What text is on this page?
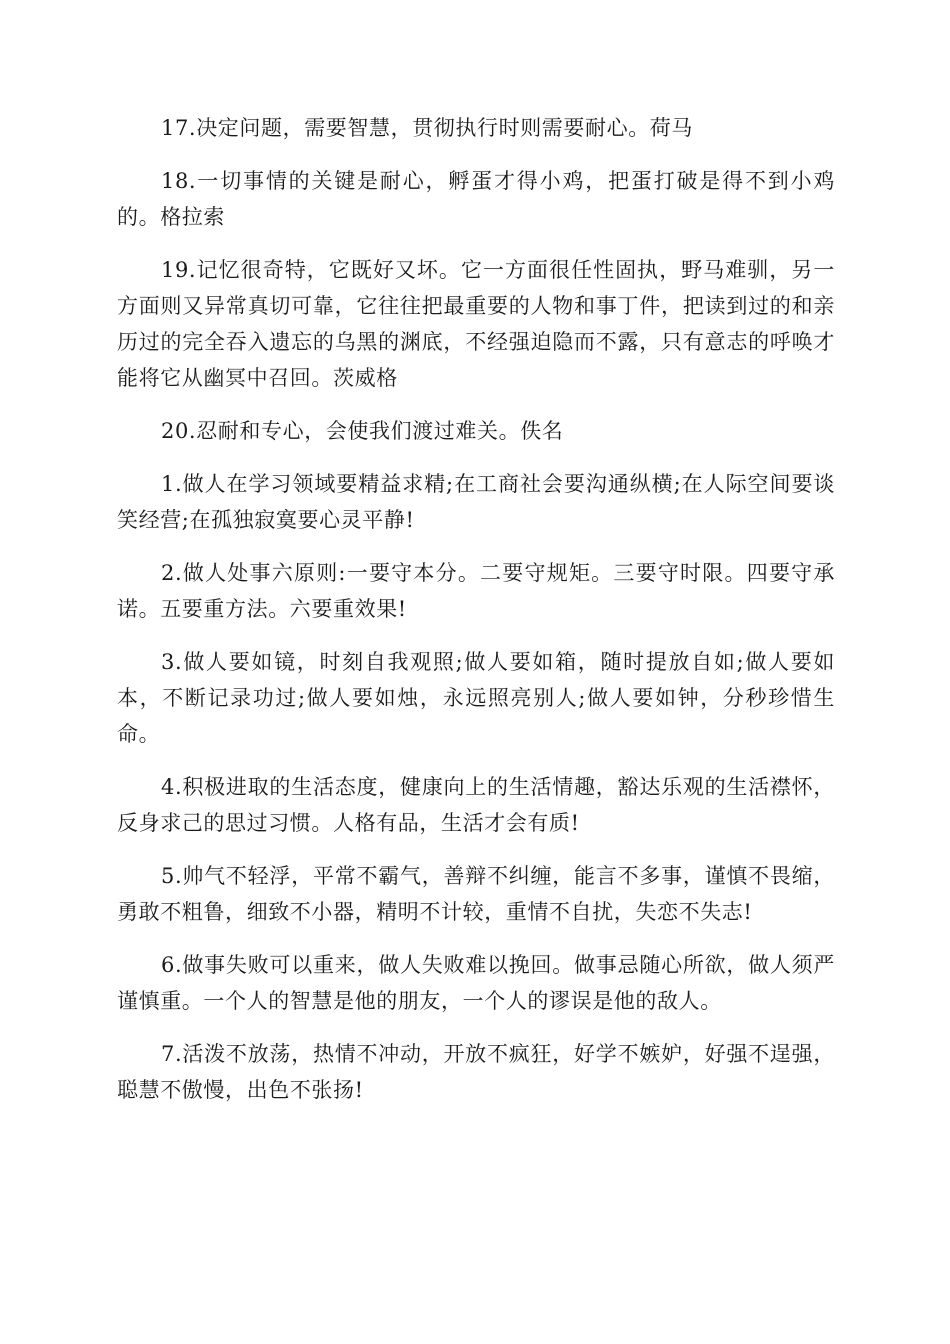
17.决定问题，需要智慧，贯彻执行时则需要耐心。荷马

18.一切事情的关键是耐心，孵蛋才得小鸡，把蛋打破是得不到小鸡的。格拉索

19.记忆很奇特，它既好又坏。它一方面很任性固执，野马难驯，另一方面则又异常真切可靠，它往往把最重要的人物和事丁件，把读到过的和亲历过的完全吞入遗忘的乌黑的渊底，不经强迫隐而不露，只有意志的呼唤才能将它从幽冥中召回。茨威格

20.忍耐和专心，会使我们渡过难关。佚名

1.做人在学习领域要精益求精;在工商社会要沟通纵横;在人际空间要谈笑经营;在孤独寂寞要心灵平静!

2.做人处事六原则:一要守本分。二要守规矩。三要守时限。四要守承诺。五要重方法。六要重效果!

3.做人要如镜，时刻自我观照;做人要如箱，随时提放自如;做人要如本，不断记录功过;做人要如烛，永远照亮别人;做人要如钟，分秒珍惜生命。

4.积极进取的生活态度，健康向上的生活情趣，豁达乐观的生活襟怀，反身求己的思过习惯。人格有品，生活才会有质!

5.帅气不轻浮，平常不霸气，善辩不纠缠，能言不多事，谨慎不畏缩，勇敢不粗鲁，细致不小器，精明不计较，重情不自扰，失恋不失志!

6.做事失败可以重来，做人失败难以挽回。做事忌随心所欲，做人须严谨慎重。一个人的智慧是他的朋友，一个人的谬误是他的敌人。

7.活泼不放荡，热情不冲动，开放不疯狂，好学不嫉妒，好强不逞强，聪慧不傲慢，出色不张扬!
